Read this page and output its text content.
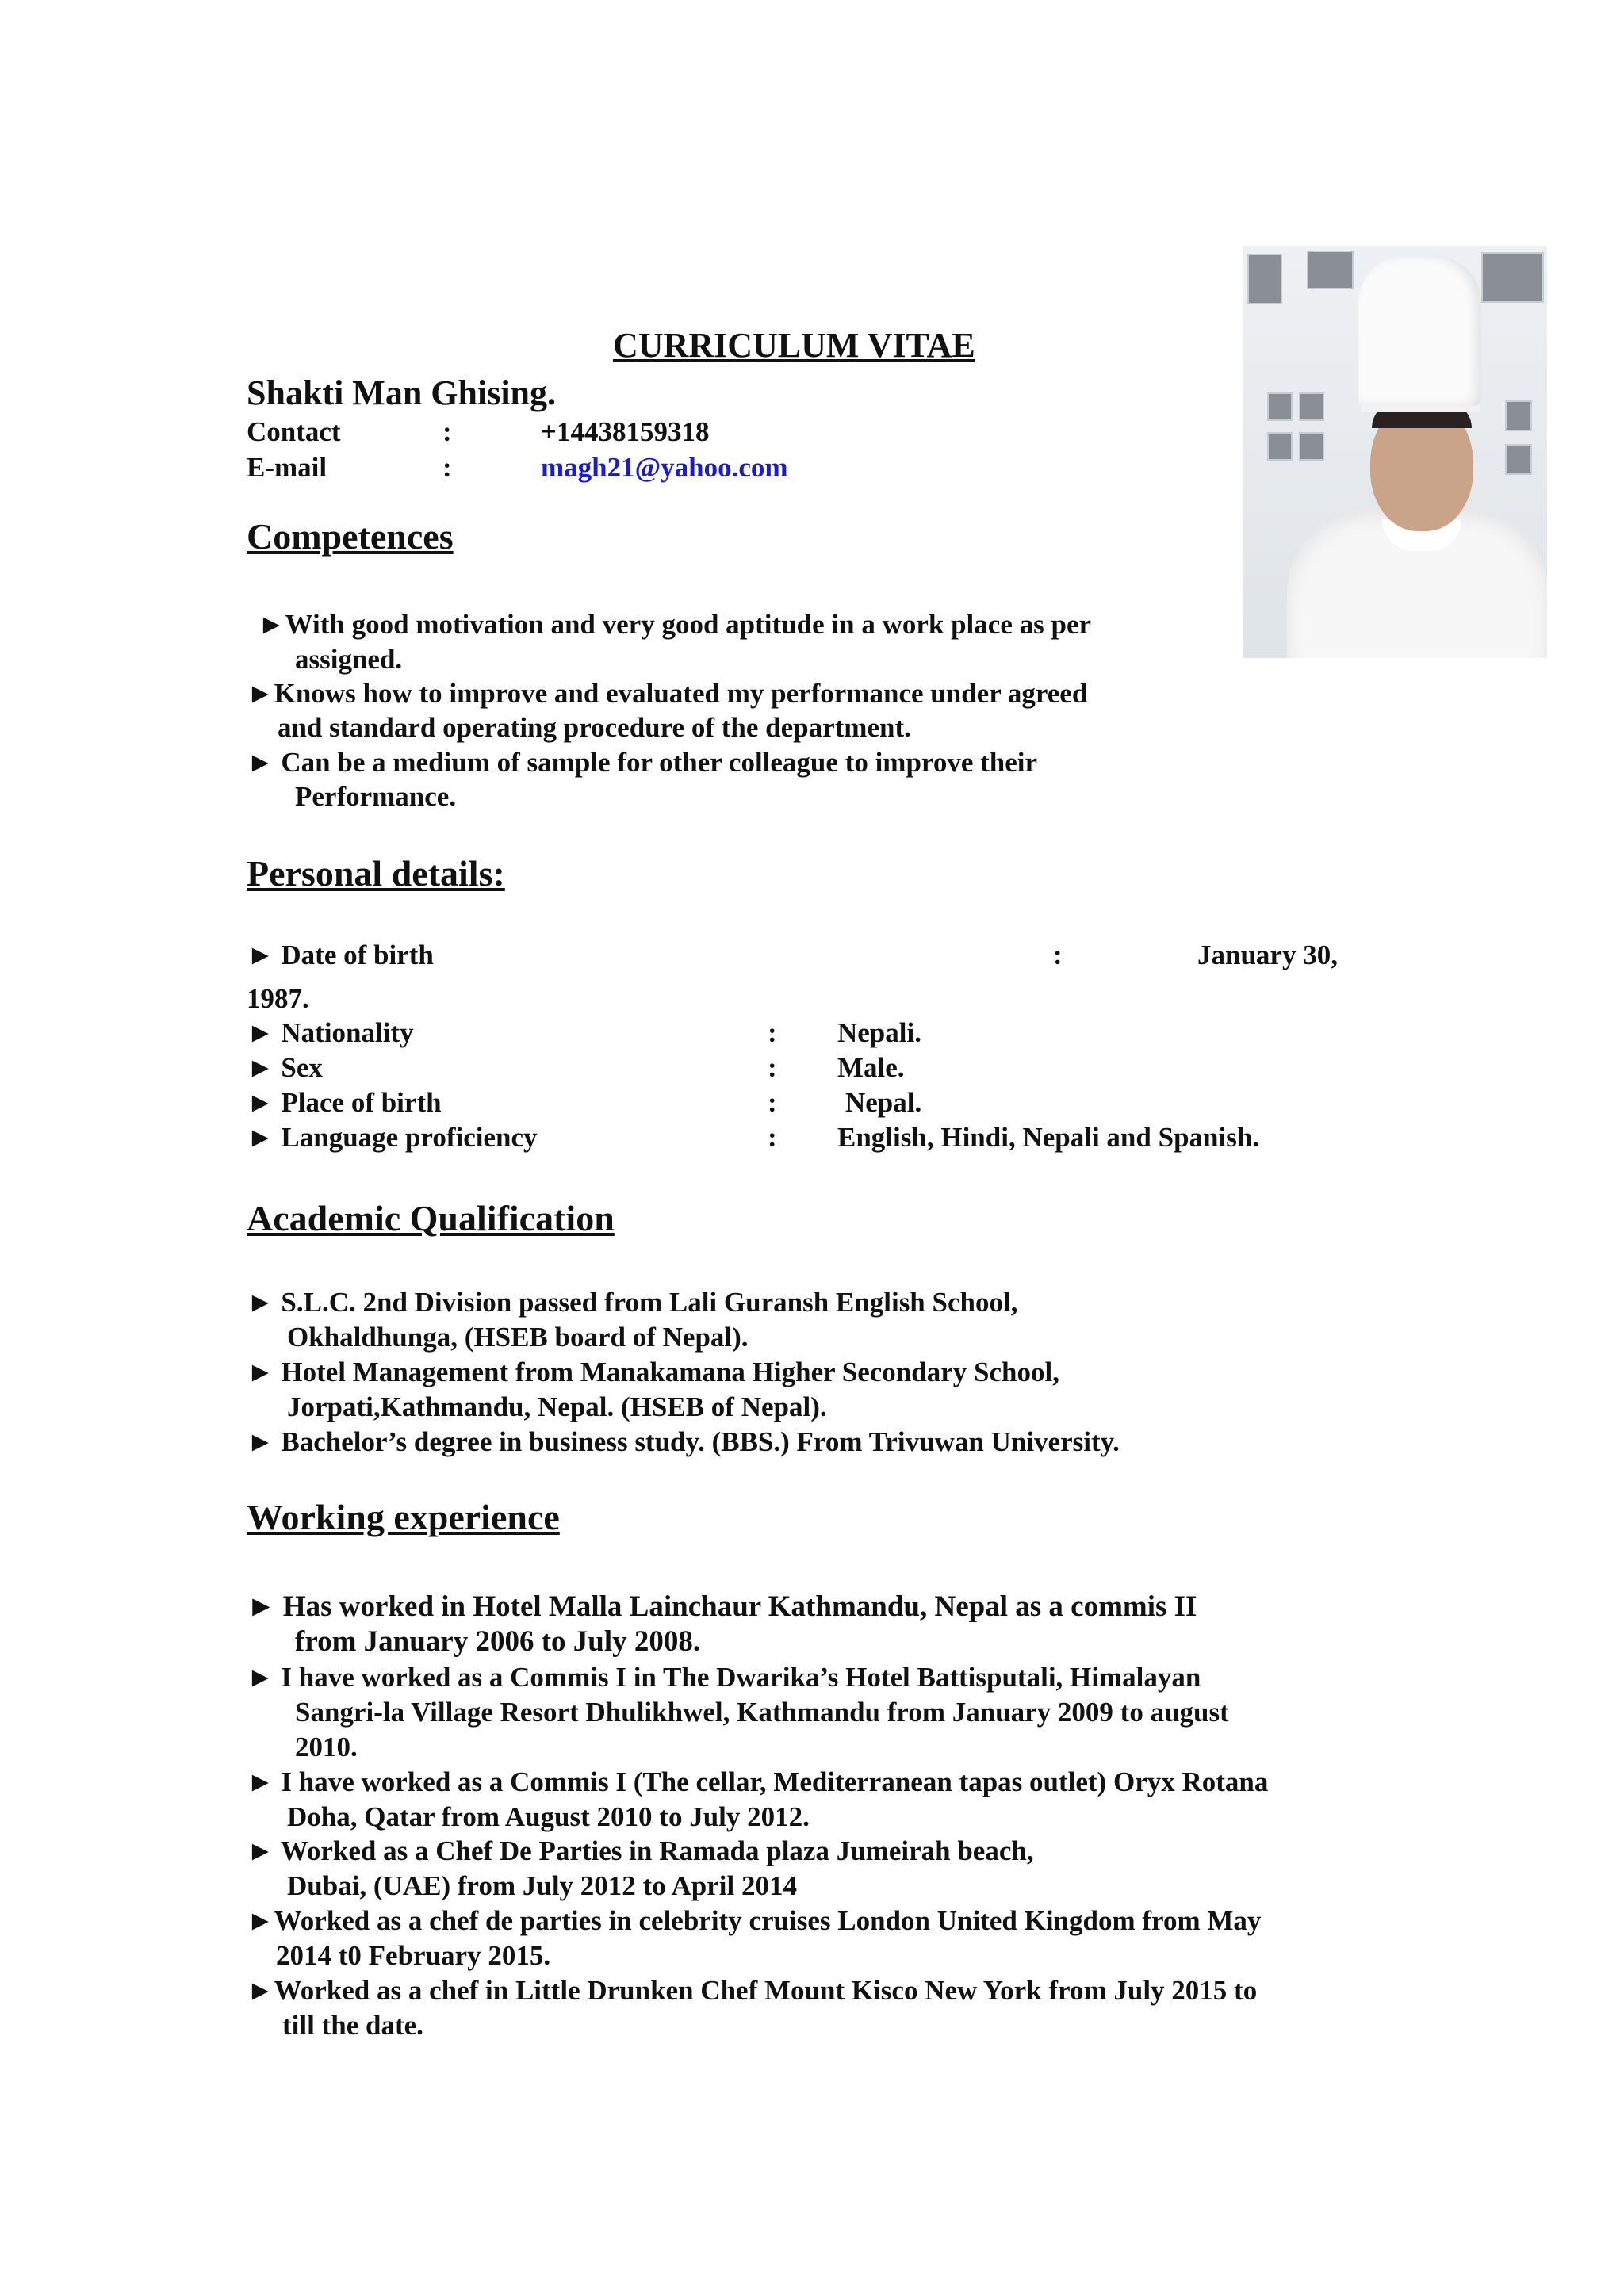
CURRICULUM VITAE
Shakti Man Ghising.
Contact	:	+14438159318
E-mail	:	magh21@yahoo.com
Competences
►With good motivation and very good aptitude in a work place as per
assigned.
►Knows how to improve and evaluated my performance under agreed
and standard operating procedure of the department.
► Can be a medium of sample for other colleague to improve their
Performance.
Personal details:
► Date of birth	:	January 30,
1987.
► Nationality	: Nepali.
► Sex	: Male.
► Place of birth	: Nepal.
► Language proficiency	: English, Hindi, Nepali and Spanish.
Academic Qualification
► S.L.C. 2nd Division passed from Lali Guransh English School,
Okhaldhunga, (HSEB board of Nepal).
► Hotel Management from Manakamana Higher Secondary School,
Jorpati,Kathmandu, Nepal. (HSEB of Nepal).
► Bachelor’s degree in business study. (BBS.) From Trivuwan University.
Working experience
► Has worked in Hotel Malla Lainchaur Kathmandu, Nepal as a commis II
from January 2006 to July 2008.
► I have worked as a Commis I in The Dwarika’s Hotel Battisputali, Himalayan
Sangri-la Village Resort Dhulikhwel, Kathmandu from January 2009 to august
2010.
► I have worked as a Commis I (The cellar, Mediterranean tapas outlet) Oryx Rotana
Doha, Qatar from August 2010 to July 2012.
► Worked as a Chef De Parties in Ramada plaza Jumeirah beach,
Dubai, (UAE) from July 2012 to April 2014
►Worked as a chef de parties in celebrity cruises London United Kingdom from May
2014 t0 February 2015.
►Worked as a chef in Little Drunken Chef Mount Kisco New York from July 2015 to
till the date.
